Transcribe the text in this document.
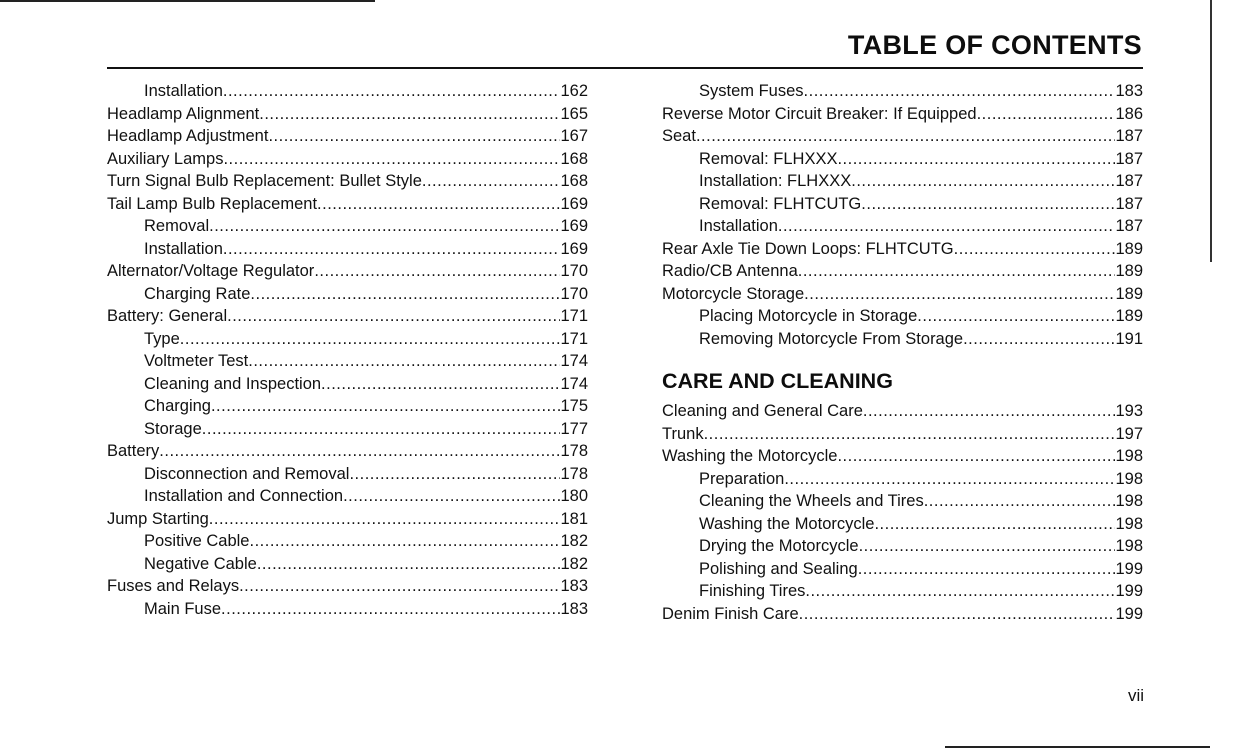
TABLE OF CONTENTS
Installation .....	162
Headlamp Alignment .....	165
Headlamp Adjustment .....	167
Auxiliary Lamps .....	168
Turn Signal Bulb Replacement: Bullet Style .....	168
Tail Lamp Bulb Replacement .....	169
Removal .....	169
Installation .....	169
Alternator/Voltage Regulator .....	170
Charging Rate .....	170
Battery: General .....	171
Type .....	171
Voltmeter Test .....	174
Cleaning and Inspection .....	174
Charging .....	175
Storage .....	177
Battery .....	178
Disconnection and Removal .....	178
Installation and Connection .....	180
Jump Starting .....	181
Positive Cable .....	182
Negative Cable .....	182
Fuses and Relays .....	183
Main Fuse .....	183
System Fuses .....	183
Reverse Motor Circuit Breaker: If Equipped .....	186
Seat .....	187
Removal: FLHXXX .....	187
Installation: FLHXXX .....	187
Removal: FLHTCUTG .....	187
Installation .....	187
Rear Axle Tie Down Loops: FLHTCUTG .....	189
Radio/CB Antenna .....	189
Motorcycle Storage .....	189
Placing Motorcycle in Storage .....	189
Removing Motorcycle From Storage .....	191
CARE AND CLEANING
Cleaning and General Care .....	193
Trunk .....	197
Washing the Motorcycle .....	198
Preparation .....	198
Cleaning the Wheels and Tires .....	198
Washing the Motorcycle .....	198
Drying the Motorcycle .....	198
Polishing and Sealing .....	199
Finishing Tires .....	199
Denim Finish Care .....	199
vii
